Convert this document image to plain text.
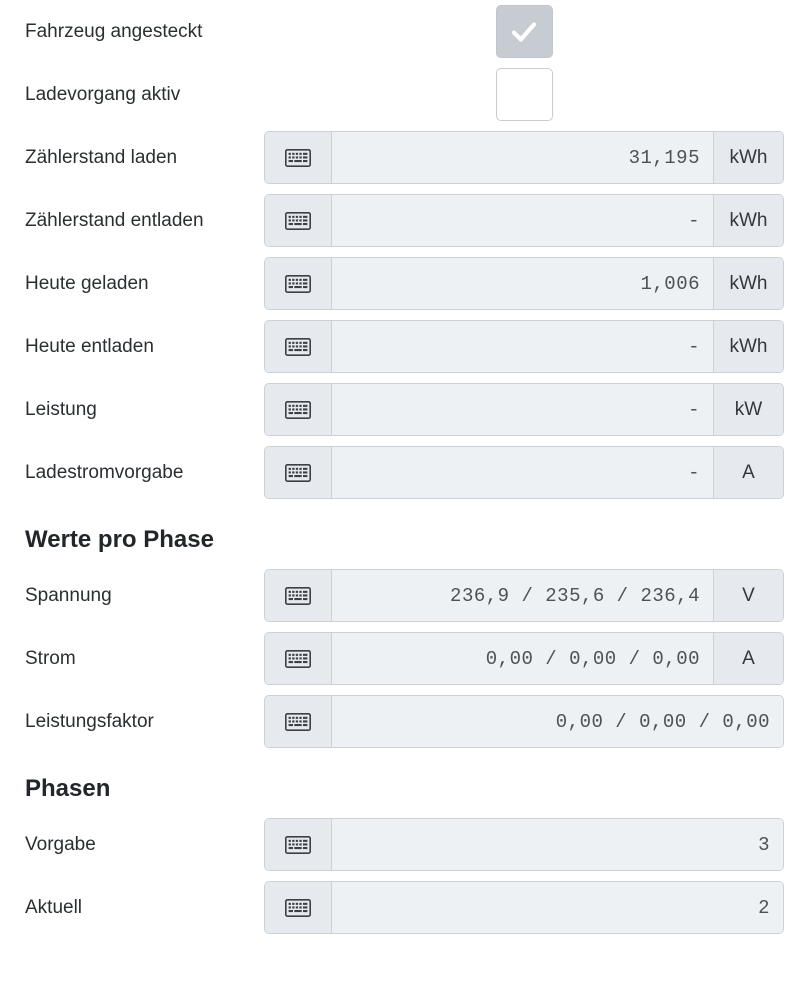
Fahrzeug angesteckt
Ladevorgang aktiv
Zählerstand laden	31,195	kWh
Zählerstand entladen	-	kWh
Heute geladen	1,006	kWh
Heute entladen	-	kWh
Leistung	-	kW
Ladestromvorgabe	-	A
Werte pro Phase
Spannung	236,9 / 235,6 / 236,4	V
Strom	0,00 / 0,00 / 0,00	A
Leistungsfaktor	0,00 / 0,00 / 0,00
Phasen
Vorgabe	3
Aktuell	2
